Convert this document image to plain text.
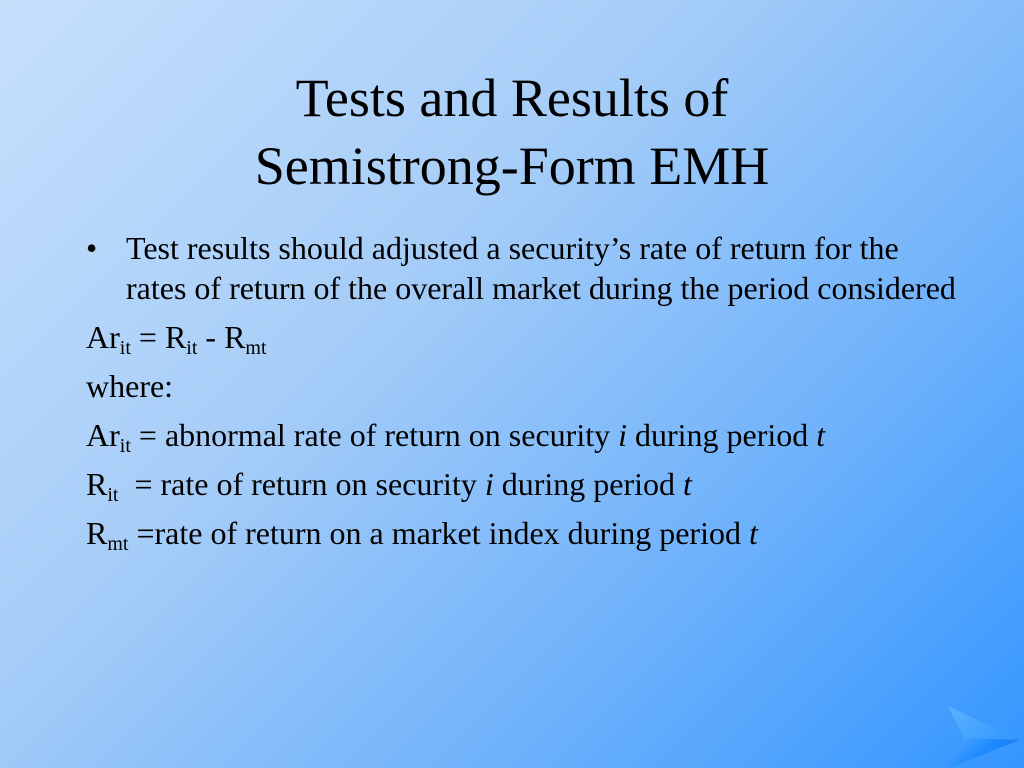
Tests and Results of
Semistrong-Form EMH
• Test results should adjusted a security’s rate of return for the rates of return of the overall market during the period considered
$Ar_{it} = R_{it} - R_{mt}$
where:
$Ar_{it}$ = abnormal rate of return on security i during period t
$R_{it}$  = rate of return on security i during period t
$R_{mt}$ =rate of return on a market index during period t
